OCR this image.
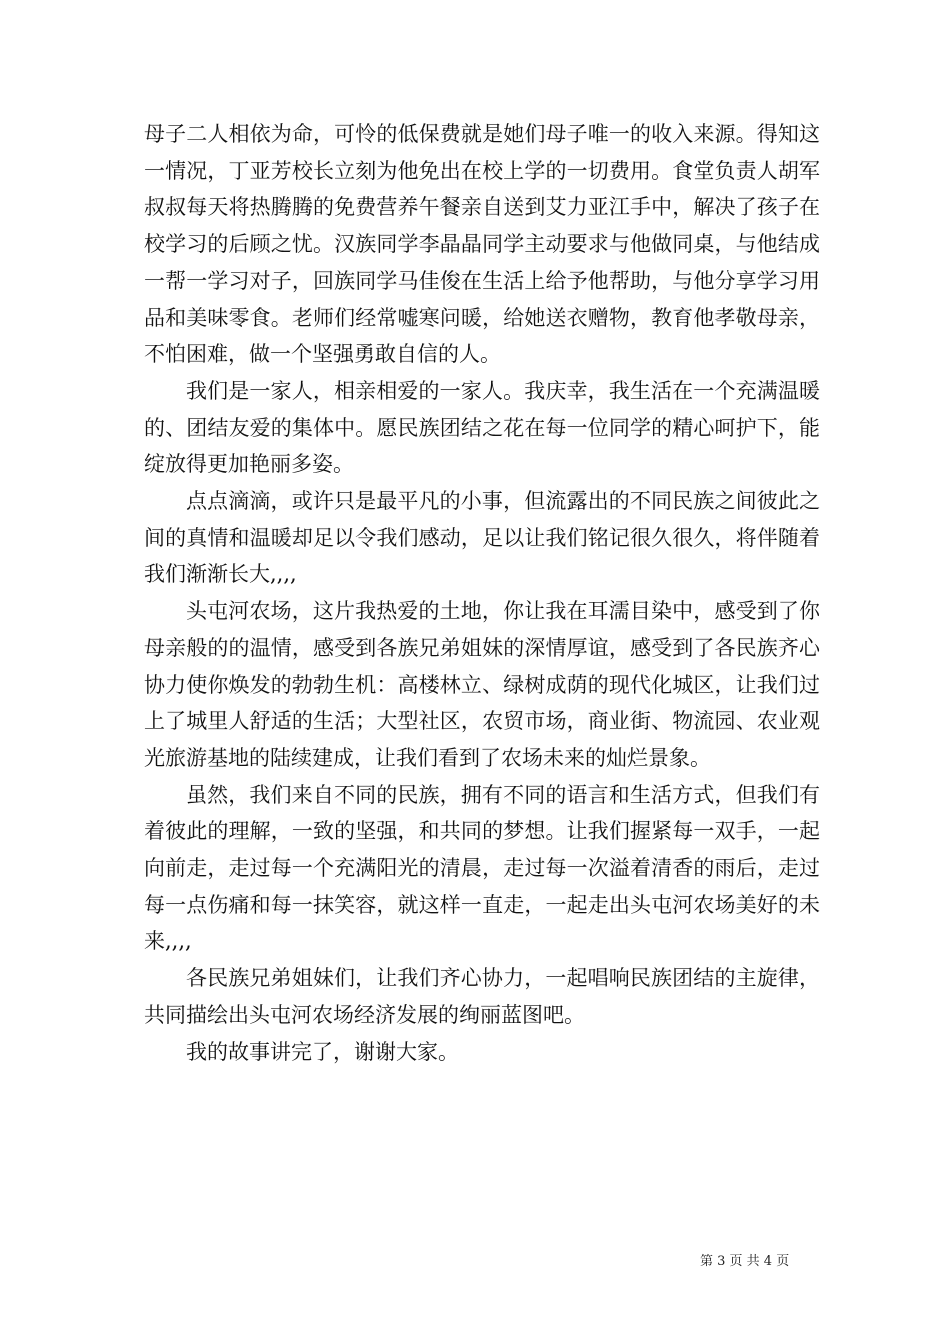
母子二人相依为命，可怜的低保费就是她们母子唯一的收入来源。得知这一情况，丁亚芳校长立刻为他免出在校上学的一切费用。食堂负责人胡军叔叔每天将热腾腾的免费营养午餐亲自送到艾力亚江手中，解决了孩子在校学习的后顾之忧。汉族同学李晶晶同学主动要求与他做同桌，与他结成一帮一学习对子，回族同学马佳俊在生活上给予他帮助，与他分享学习用品和美味零食。老师们经常嘘寒问暖，给她送衣赠物，教育他孝敬母亲，不怕困难，做一个坚强勇敢自信的人。

我们是一家人，相亲相爱的一家人。我庆幸，我生活在一个充满温暖的、团结友爱的集体中。愿民族团结之花在每一位同学的精心呵护下，能绽放得更加艳丽多姿。

点点滴滴，或许只是最平凡的小事，但流露出的不同民族之间彼此之间的真情和温暖却足以令我们感动，足以让我们铭记很久很久，将伴随着我们渐渐长大,,,,

头屯河农场，这片我热爱的土地，你让我在耳濡目染中，感受到了你母亲般的的温情，感受到各族兄弟姐妹的深情厚谊，感受到了各民族齐心协力使你焕发的勃勃生机：高楼林立、绿树成荫的现代化城区，让我们过上了城里人舒适的生活；大型社区，农贸市场，商业街、物流园、农业观光旅游基地的陆续建成，让我们看到了农场未来的灿烂景象。

虽然，我们来自不同的民族，拥有不同的语言和生活方式，但我们有着彼此的理解，一致的坚强，和共同的梦想。让我们握紧每一双手，一起向前走，走过每一个充满阳光的清晨，走过每一次溢着清香的雨后，走过每一点伤痛和每一抹笑容，就这样一直走，一起走出头屯河农场美好的未来,,,,

各民族兄弟姐妹们，让我们齐心协力，一起唱响民族团结的主旋律，共同描绘出头屯河农场经济发展的绚丽蓝图吧。

我的故事讲完了，谢谢大家。

第 3 页 共 4 页
